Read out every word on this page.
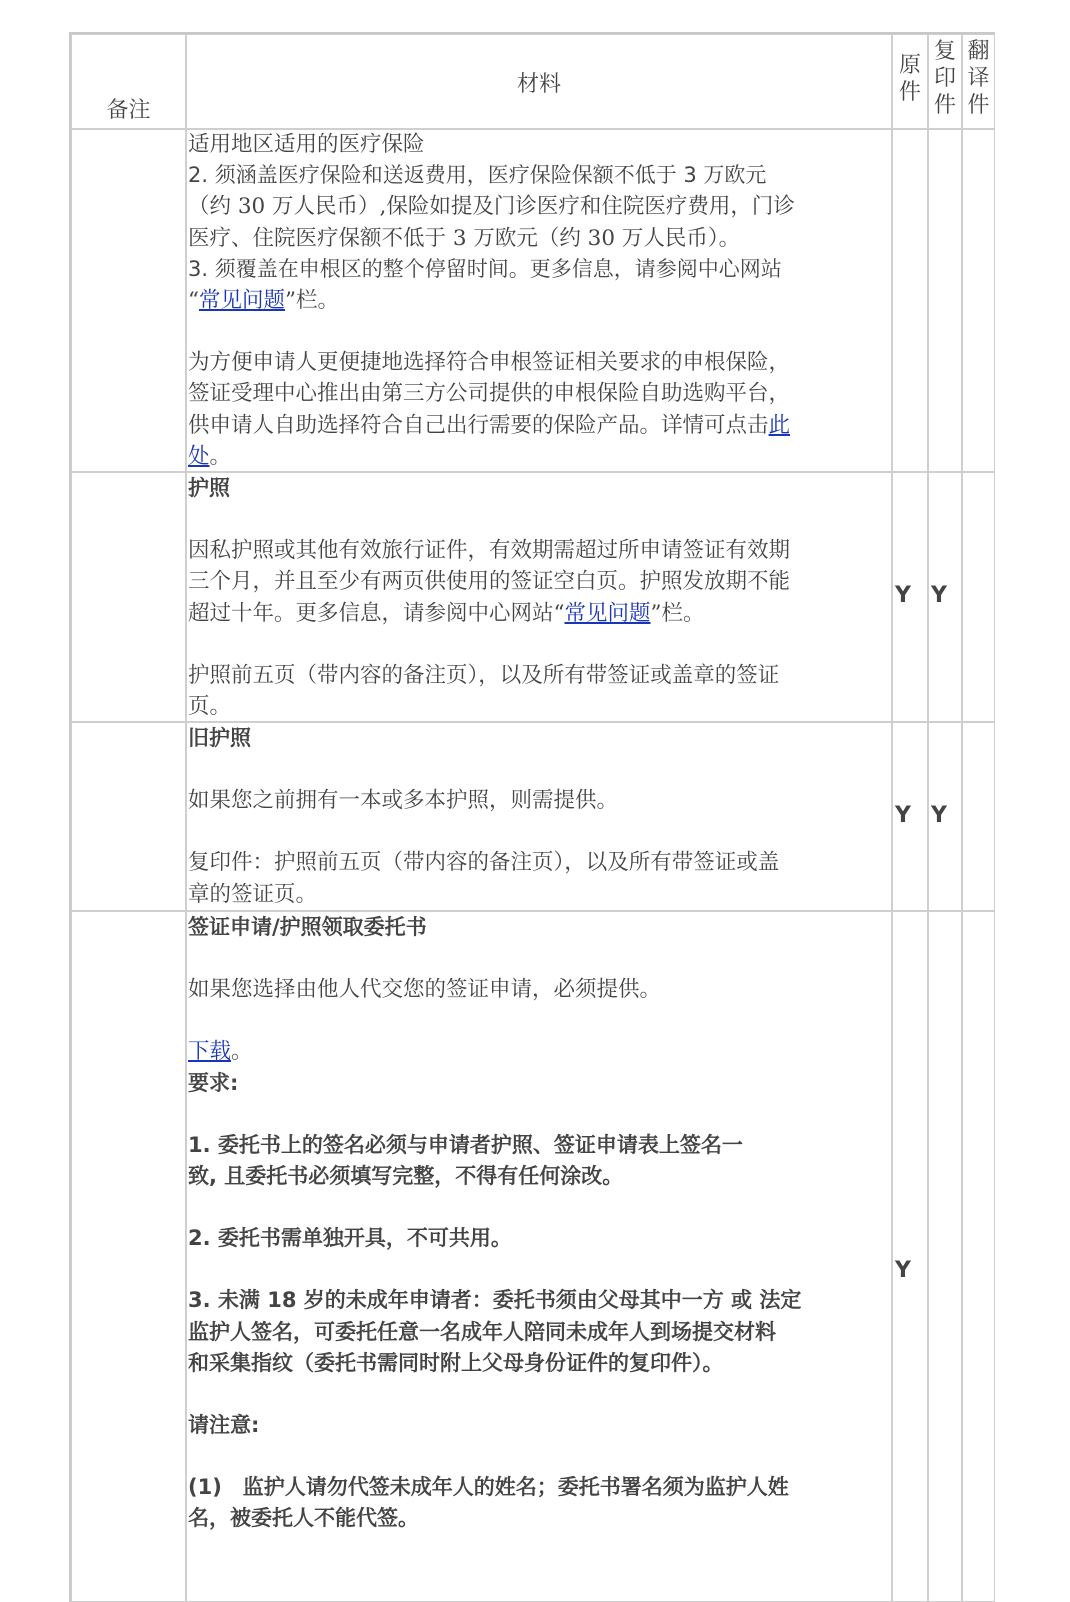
备注
材料
原
件
复
印
件
翻
译
件

适用地区适用的医疗保险

2. 须涵盖医疗保险和送返费用，医疗保险保额不低于 3 万欧元

（约 30 万人民币）,保险如提及门诊医疗和住院医疗费用，门诊

医疗、住院医疗保额不低于 3 万欧元（约 30 万人民币）。

3. 须覆盖在申根区的整个停留时间。更多信息，请参阅中心网站

“常见问题”栏。

为方便申请人更便捷地选择符合申根签证相关要求的申根保险，

签证受理中心推出由第三方公司提供的申根保险自助选购平台，

供申请人自助选择符合自己出行需要的保险产品。详情可点击此

处。

护照

因私护照或其他有效旅行证件，有效期需超过所申请签证有效期

三个月，并且至少有两页供使用的签证空白页。护照发放期不能

超过十年。更多信息，请参阅中心网站“常见问题”栏。

护照前五页（带内容的备注页），以及所有带签证或盖章的签证

页。

Y Y

旧护照

如果您之前拥有一本或多本护照，则需提供。

复印件：护照前五页（带内容的备注页），以及所有带签证或盖

章的签证页。

Y Y

签证申请/护照领取委托书

如果您选择由他人代交您的签证申请，必须提供。

下载。

要求:

1. 委托书上的签名必须与申请者护照、签证申请表上签名一

致, 且委托书必须填写完整，不得有任何涂改。

2. 委托书需单独开具，不可共用。

3. 未满 18 岁的未成年申请者：委托书须由父母其中一方 或 法定

监护人签名，可委托任意一名成年人陪同未成年人到场提交材料

和采集指纹（委托书需同时附上父母身份证件的复印件）。

请注意:

(1)　监护人请勿代签未成年人的姓名；委托书署名须为监护人姓

名，被委托人不能代签。

Y
